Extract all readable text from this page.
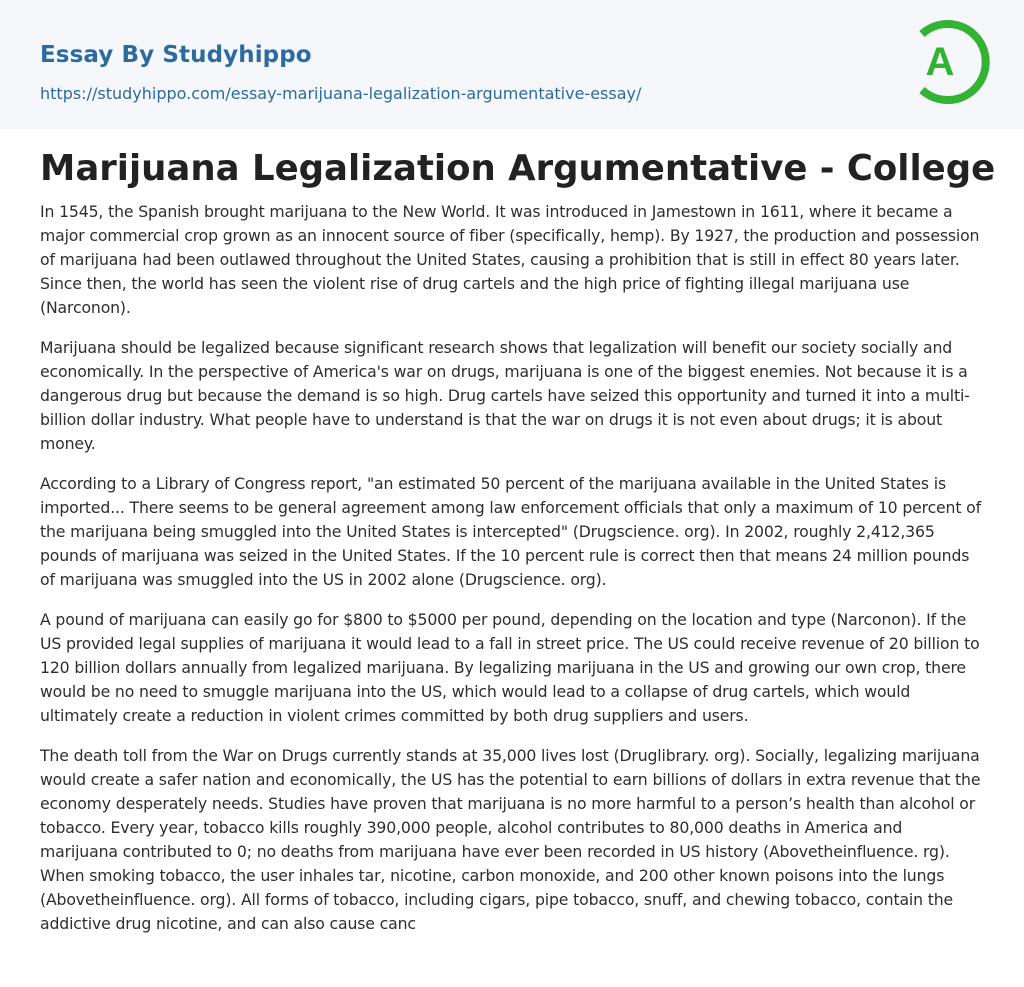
Essay By Studyhippo
https://studyhippo.com/essay-marijuana-legalization-argumentative-essay/
A
Marijuana Legalization Argumentative - College

In 1545, the Spanish brought marijuana to the New World. It was introduced in Jamestown in 1611, where it became a major commercial crop grown as an innocent source of fiber (specifically, hemp). By 1927, the production and possession of marijuana had been outlawed throughout the United States, causing a prohibition that is still in effect 80 years later. Since then, the world has seen the violent rise of drug cartels and the high price of fighting illegal marijuana use (Narconon).

Marijuana should be legalized because significant research shows that legalization will benefit our society socially and economically. In the perspective of America's war on drugs, marijuana is one of the biggest enemies. Not because it is a dangerous drug but because the demand is so high. Drug cartels have seized this opportunity and turned it into a multi-billion dollar industry. What people have to understand is that the war on drugs it is not even about drugs; it is about money.

According to a Library of Congress report, "an estimated 50 percent of the marijuana available in the United States is imported... There seems to be general agreement among law enforcement officials that only a maximum of 10 percent of the marijuana being smuggled into the United States is intercepted" (Drugscience. org). In 2002, roughly 2,412,365 pounds of marijuana was seized in the United States. If the 10 percent rule is correct then that means 24 million pounds of marijuana was smuggled into the US in 2002 alone (Drugscience. org).

A pound of marijuana can easily go for $800 to $5000 per pound, depending on the location and type (Narconon). If the US provided legal supplies of marijuana it would lead to a fall in street price. The US could receive revenue of 20 billion to 120 billion dollars annually from legalized marijuana. By legalizing marijuana in the US and growing our own crop, there would be no need to smuggle marijuana into the US, which would lead to a collapse of drug cartels, which would ultimately create a reduction in violent crimes committed by both drug suppliers and users.

The death toll from the War on Drugs currently stands at 35,000 lives lost (Druglibrary. org). Socially, legalizing marijuana would create a safer nation and economically, the US has the potential to earn billions of dollars in extra revenue that the economy desperately needs. Studies have proven that marijuana is no more harmful to a person’s health than alcohol or tobacco. Every year, tobacco kills roughly 390,000 people, alcohol contributes to 80,000 deaths in America and marijuana contributed to 0; no deaths from marijuana have ever been recorded in US history (Abovetheinfluence. rg). When smoking tobacco, the user inhales tar, nicotine, carbon monoxide, and 200 other known poisons into the lungs (Abovetheinfluence. org). All forms of tobacco, including cigars, pipe tobacco, snuff, and chewing tobacco, contain the addictive drug nicotine, and can also cause canc
